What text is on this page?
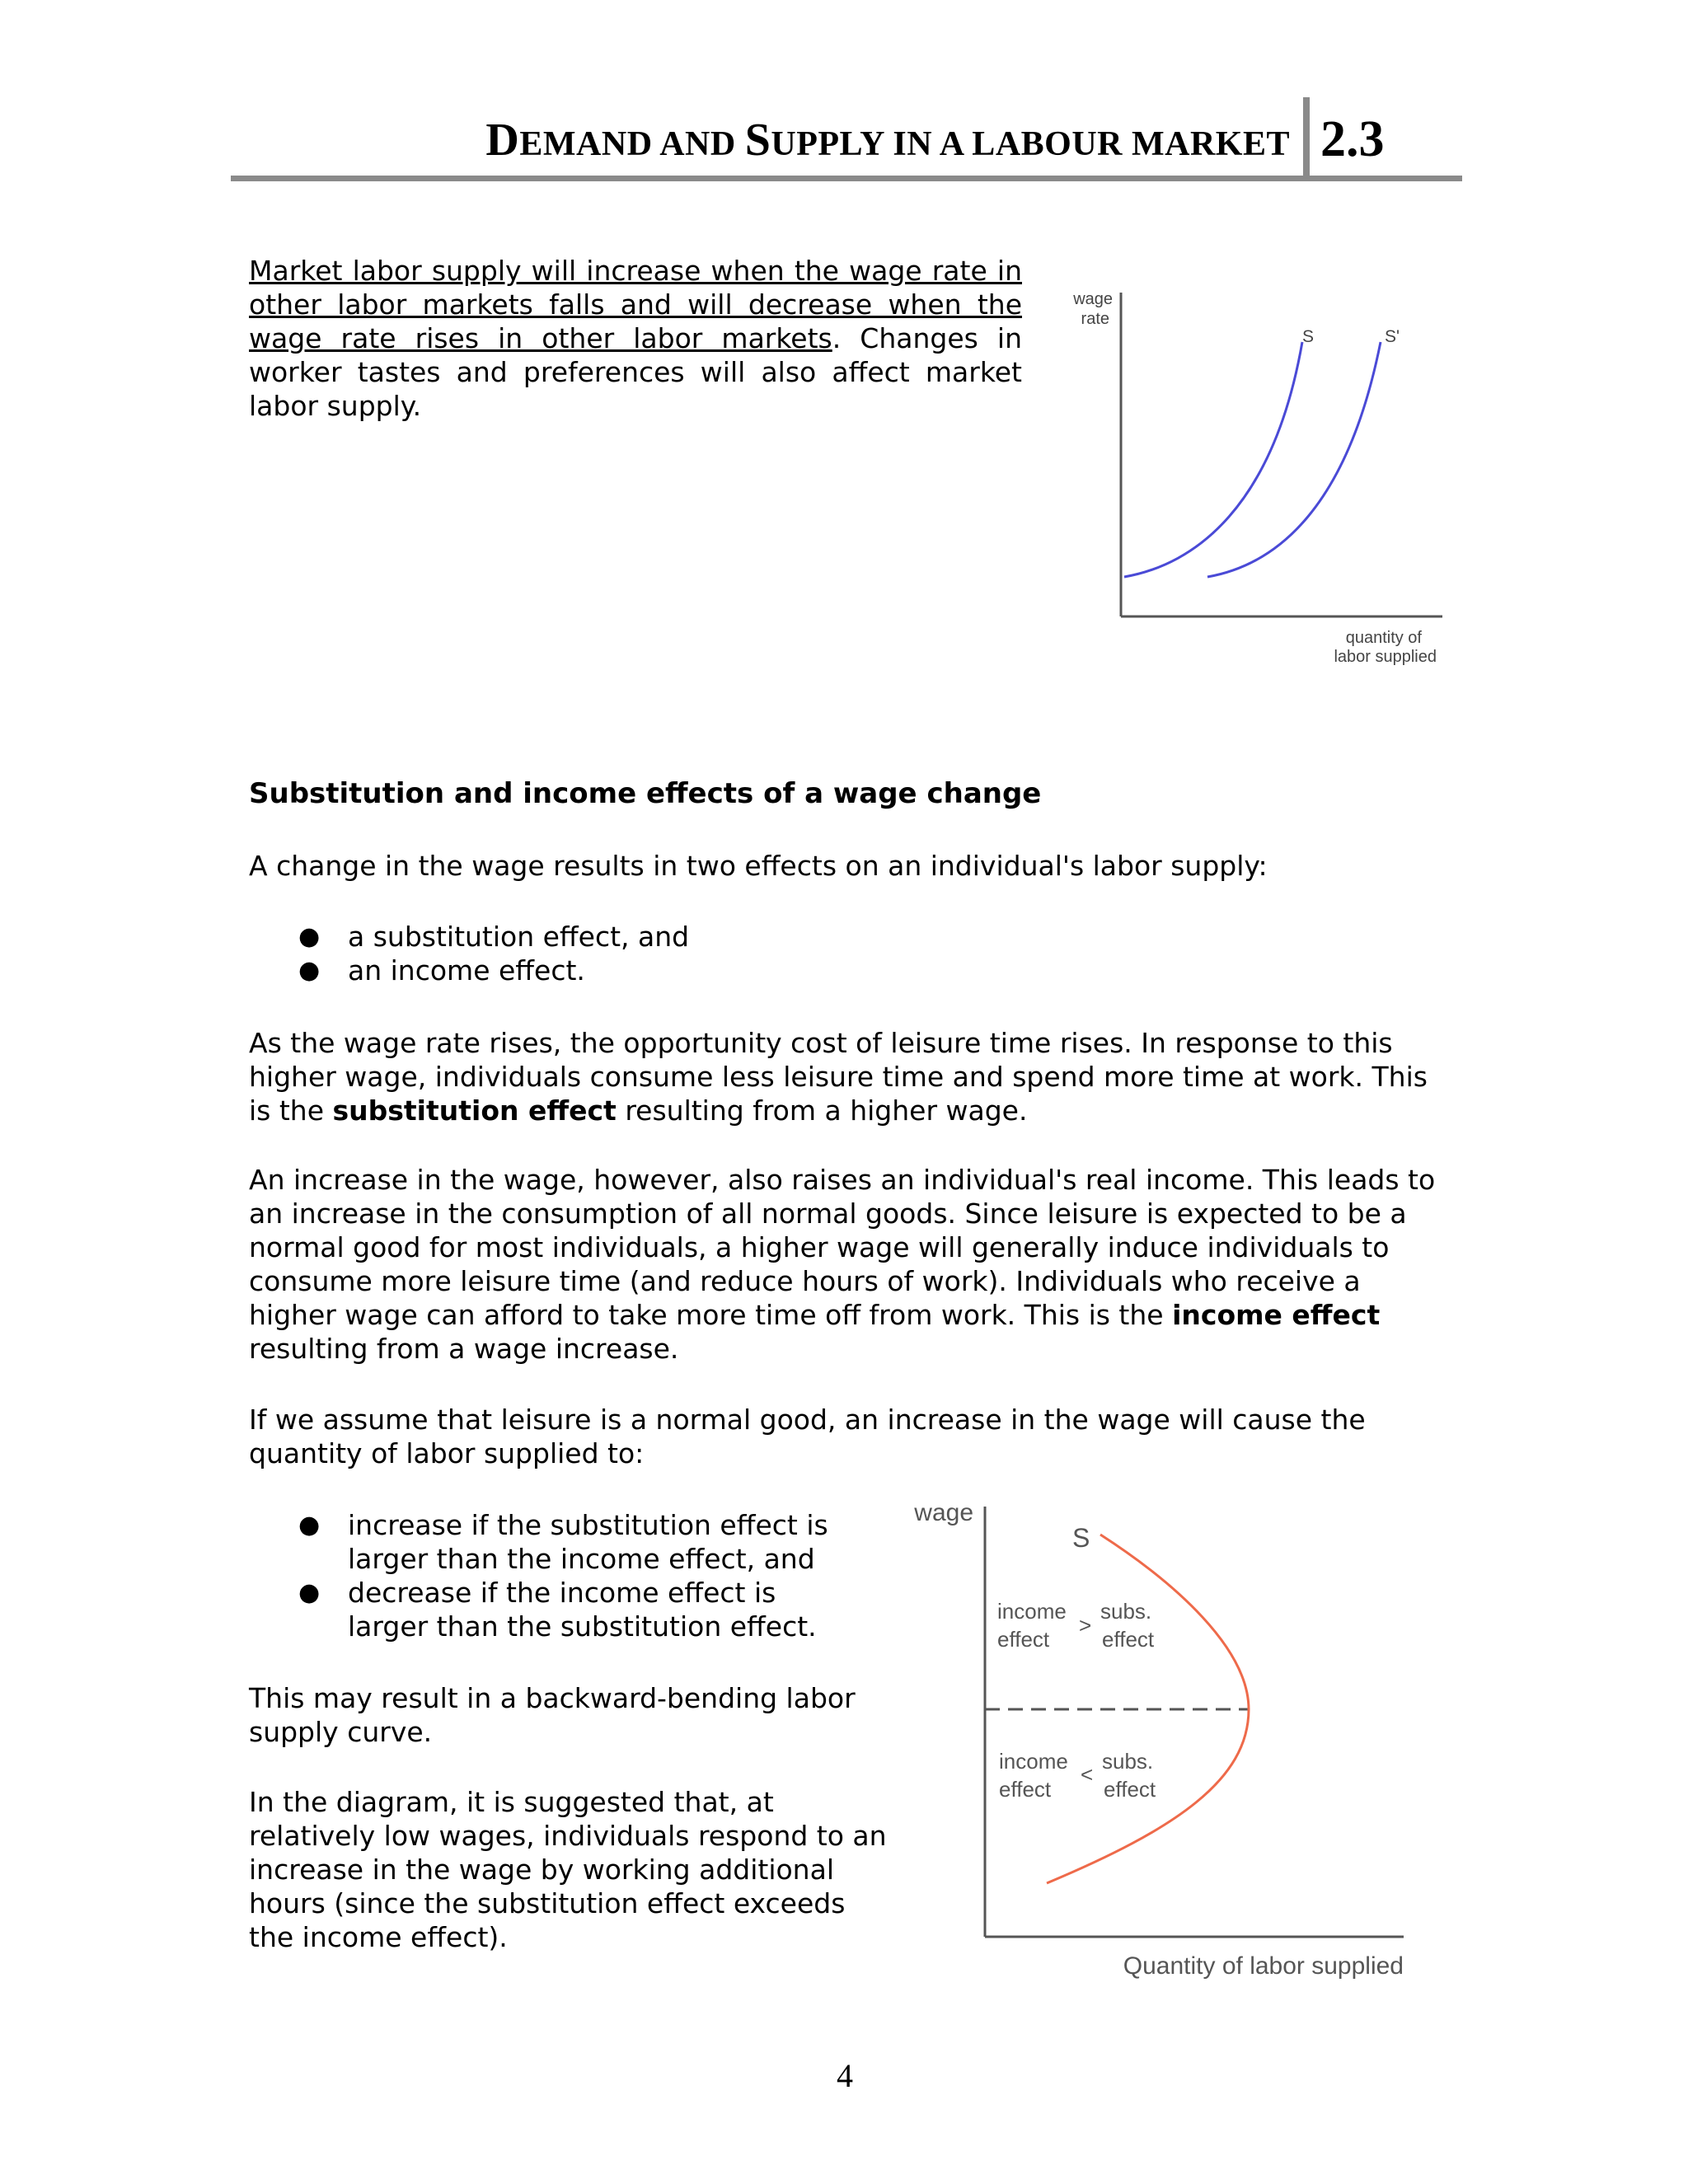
DEMAND AND SUPPLY IN A LABOUR MARKET 2.3
Market labor supply will increase when the wage rate in other labor markets falls and will decrease when the wage rate rises in other labor markets. Changes in worker tastes and preferences will also affect market labor supply.
wage
rate
S	S'
quantity of
labor supplied
Substitution and income effects of a wage change
A change in the wage results in two effects on an individual's labor supply:
● a substitution effect, and
● an income effect.
As the wage rate rises, the opportunity cost of leisure time rises. In response to this higher wage, individuals consume less leisure time and spend more time at work. This is the substitution effect resulting from a higher wage.
An increase in the wage, however, also raises an individual's real income. This leads to an increase in the consumption of all normal goods. Since leisure is expected to be a normal good for most individuals, a higher wage will generally induce individuals to consume more leisure time (and reduce hours of work). Individuals who receive a higher wage can afford to take more time off from work. This is the income effect resulting from a wage increase.
If we assume that leisure is a normal good, an increase in the wage will cause the quantity of labor supplied to:
● increase if the substitution effect is larger than the income effect, and
● decrease if the income effect is larger than the substitution effect.
This may result in a backward-bending labor supply curve.
In the diagram, it is suggested that, at relatively low wages, individuals respond to an increase in the wage by working additional hours (since the substitution effect exceeds the income effect).
wage
Quantity of labor supplied
S
income
effect
>
subs.
effect
income
effect
<
subs.
effect
4
